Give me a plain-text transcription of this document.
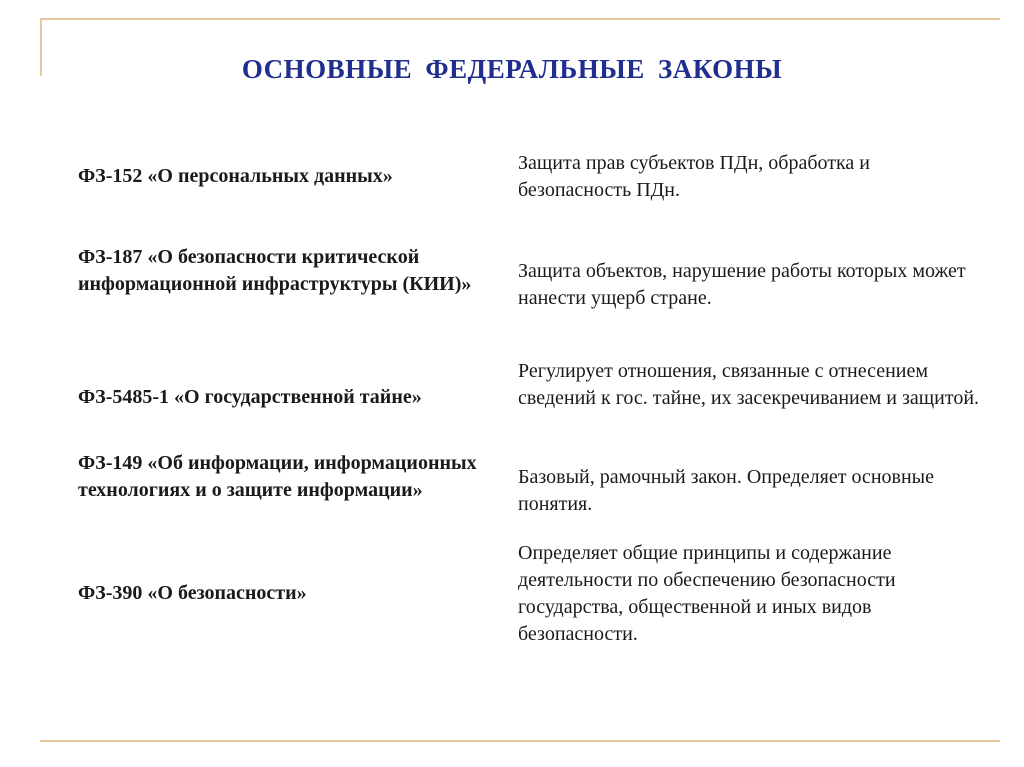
ОСНОВНЫЕ ФЕДЕРАЛЬНЫЕ ЗАКОНЫ
ФЗ-152 «О персональных данных»
Защита прав субъектов ПДн, обработка и безопасность ПДн.
ФЗ-187 «О безопасности критической информационной инфраструктуры (КИИ)»
Защита объектов, нарушение работы которых может нанести ущерб стране.
ФЗ-5485-1 «О государственной тайне»
Регулирует отношения, связанные с отнесением сведений к гос. тайне, их засекречиванием и защитой.
ФЗ-149 «Об информации, информационных технологиях и о защите информации»
Базовый, рамочный закон. Определяет основные понятия.
ФЗ-390 «О безопасности»
Определяет общие принципы и содержание деятельности по обеспечению безопасности государства, общественной и иных видов безопасности.
